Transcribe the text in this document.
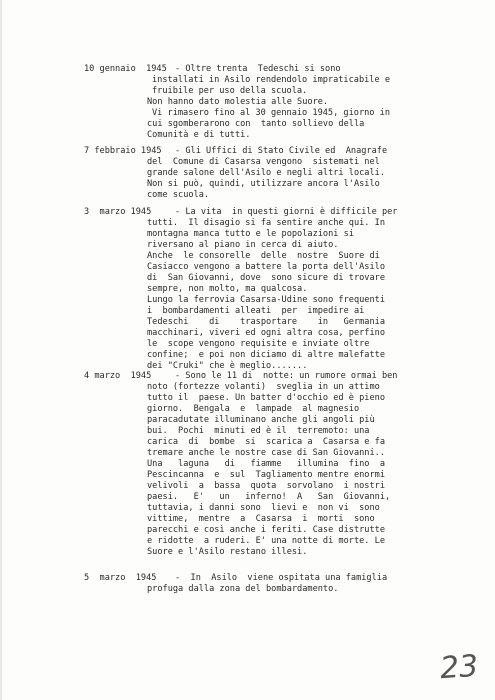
10 gennaio  1945 - Oltre trenta  Tedeschi si sono
installati in Asilo rendendolo impraticabile e
fruibile per uso della scuola.
Non hanno dato molestia alle Suore.
Vi rimasero fino al 30 gennaio 1945, giorno in
cui sgomberarono con  tanto sollievo della
Comunità e di tutti.
7 febbraio 1945 - Gli Uffici di Stato Civile ed  Anagrafe
del  Comune di Casarsa vengono  sistemati nel
grande salone dell'Asilo e negli altri locali.
Non si può, quindi, utilizzare ancora l'Asilo
come scuola.
3  marzo 1945	- La vita  in questi giorni è difficile per
tutti.  Il disagio si fa sentire anche qui. In
montagna manca tutto e le popolazioni si
riversano al piano in cerca di aiuto.
Anche  le consorelle  delle  nostre  Suore di
Casiacco vengono a battere la porta dell'Asilo
di  San Giovanni, dove  sono sicure di trovare
sempre, non molto, ma qualcosa.
Lungo la ferrovia Casarsa-Udine sono frequenti
i  bombardamenti alleati  per  impedire ai
Tedeschi    di    trasportare    in   Germania
macchinari, viveri ed ogni altra cosa, perfino
le  scope vengono requisite e inviate oltre
confine;  e poi non diciamo di altre malefatte
dei "Cruki" che è meglio.......
4 marzo  1945	- Sono le 11 di  notte: un rumore ormai ben
noto (fortezze volanti)  sveglia in un attimo
tutto il  paese. Un batter d'occhio ed è pieno
giorno.  Bengala  e  lampade  al magnesio
paracadutate illuminano anche gli angoli più
bui.  Pochi  minuti ed è il  terremoto: una
carica  di  bombe  si  scarica a  Casarsa e fa
tremare anche le nostre case di San Giovanni..
Una   laguna   di   fiamme   illumina  fino  a
Pescincanna  e  sul  Tagliamento mentre enormi
velivoli  a  bassa  quota  sorvolano  i nostri
paesi.   E'   un   inferno!  A   San  Giovanni,
tuttavia, i danni sono  lievi e  non vi  sono
vittime,  mentre  a  Casarsa  i  morti  sono
parecchi e così anche i feriti. Case distrutte
e ridotte  a ruderi. E' una notte di morte. Le
Suore e l'Asilo restano illesi.
5  marzo  1945 -  In  Asilo  viene ospitata una famiglia
profuga dalla zona del bombardamento.
23
